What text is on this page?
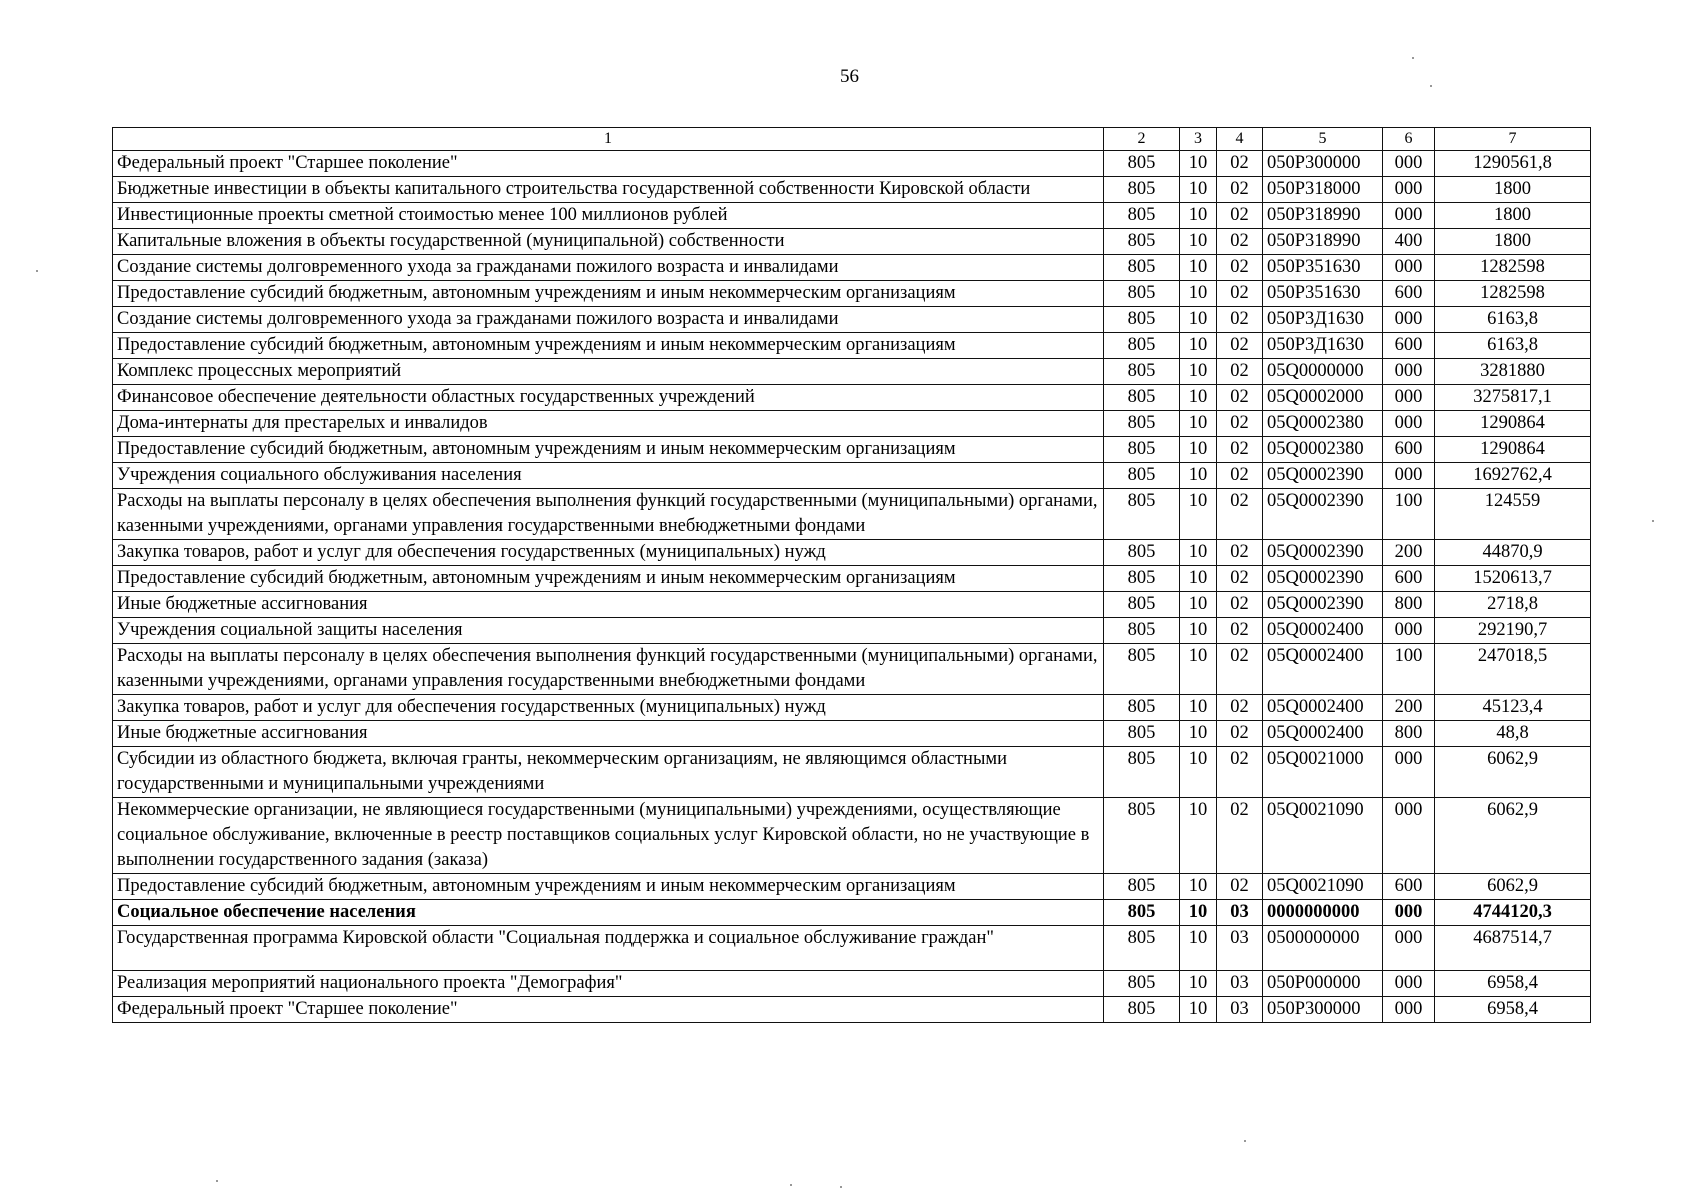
56
1	2	3	4	5	6	7
Федеральный проект "Старшее поколение"	805	10	02	050P300000	000	1290561,8
Бюджетные инвестиции в объекты капитального строительства государственной собственности Кировской области	805	10	02	050P318000	000	1800
Инвестиционные проекты сметной стоимостью менее 100 миллионов рублей	805	10	02	050P318990	000	1800
Капитальные вложения в объекты государственной (муниципальной) собственности	805	10	02	050P318990	400	1800
Создание системы долговременного ухода за гражданами пожилого возраста и инвалидами	805	10	02	050P351630	000	1282598
Предоставление субсидий бюджетным, автономным учреждениям и иным некоммерческим организациям	805	10	02	050P351630	600	1282598
Создание системы долговременного ухода за гражданами пожилого возраста и инвалидами	805	10	02	050P3Д1630	000	6163,8
Предоставление субсидий бюджетным, автономным учреждениям и иным некоммерческим организациям	805	10	02	050P3Д1630	600	6163,8
Комплекс процессных мероприятий	805	10	02	05Q0000000	000	3281880
Финансовое обеспечение деятельности областных государственных учреждений	805	10	02	05Q0002000	000	3275817,1
Дома-интернаты для престарелых и инвалидов	805	10	02	05Q0002380	000	1290864
Предоставление субсидий бюджетным, автономным учреждениям и иным некоммерческим организациям	805	10	02	05Q0002380	600	1290864
Учреждения социального обслуживания населения	805	10	02	05Q0002390	000	1692762,4
Расходы на выплаты персоналу в целях обеспечения выполнения функций государственными (муниципальными) органами, казенными учреждениями, органами управления государственными внебюджетными фондами	805	10	02	05Q0002390	100	124559
Закупка товаров, работ и услуг для обеспечения государственных (муниципальных) нужд	805	10	02	05Q0002390	200	44870,9
Предоставление субсидий бюджетным, автономным учреждениям и иным некоммерческим организациям	805	10	02	05Q0002390	600	1520613,7
Иные бюджетные ассигнования	805	10	02	05Q0002390	800	2718,8
Учреждения социальной защиты населения	805	10	02	05Q0002400	000	292190,7
Расходы на выплаты персоналу в целях обеспечения выполнения функций государственными (муниципальными) органами, казенными учреждениями, органами управления государственными внебюджетными фондами	805	10	02	05Q0002400	100	247018,5
Закупка товаров, работ и услуг для обеспечения государственных (муниципальных) нужд	805	10	02	05Q0002400	200	45123,4
Иные бюджетные ассигнования	805	10	02	05Q0002400	800	48,8
Субсидии из областного бюджета, включая гранты, некоммерческим организациям, не являющимся областными государственными и муниципальными учреждениями	805	10	02	05Q0021000	000	6062,9
Некоммерческие организации, не являющиеся государственными (муниципальными) учреждениями, осуществляющие социальное обслуживание, включенные в реестр поставщиков социальных услуг Кировской области, но не участвующие в выполнении государственного задания (заказа)	805	10	02	05Q0021090	000	6062,9
Предоставление субсидий бюджетным, автономным учреждениям и иным некоммерческим организациям	805	10	02	05Q0021090	600	6062,9
Социальное обеспечение населения	805	10	03	0000000000	000	4744120,3
Государственная программа Кировской области "Социальная поддержка и социальное обслуживание граждан"	805	10	03	0500000000	000	4687514,7
Реализация мероприятий национального проекта "Демография"	805	10	03	050P000000	000	6958,4
Федеральный проект "Старшее поколение"	805	10	03	050P300000	000	6958,4
